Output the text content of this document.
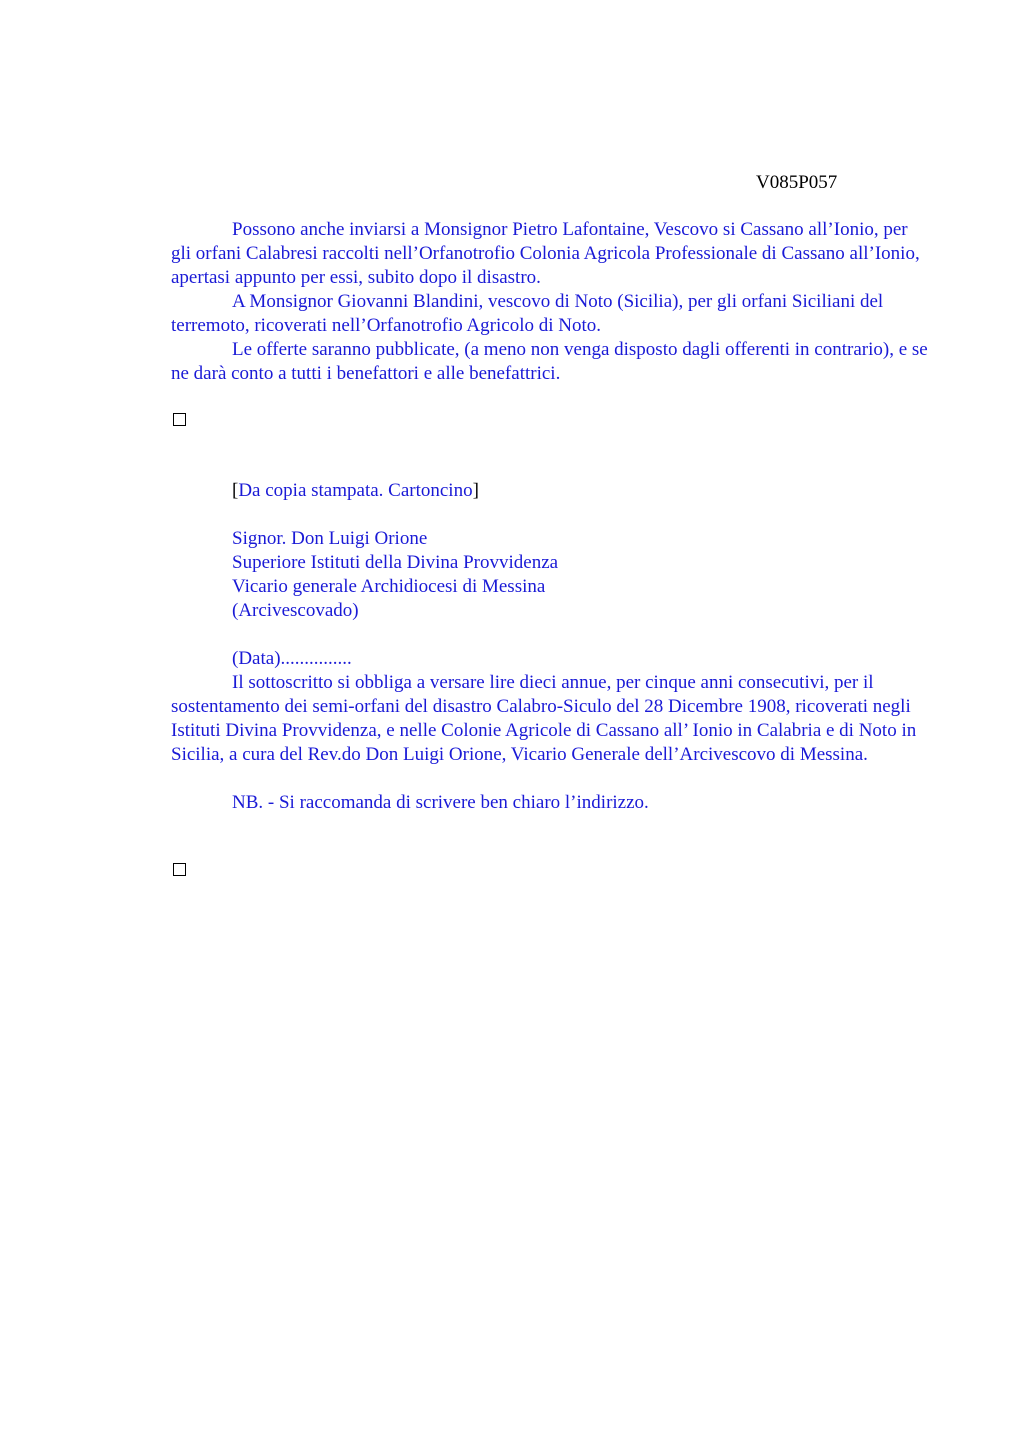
V085P057

Possono anche inviarsi a Monsignor Pietro Lafontaine, Vescovo si Cassano all’Ionio, per gli orfani Calabresi raccolti nell’Orfanotrofio Colonia Agricola Professionale di Cassano all’Ionio, apertasi appunto per essi, subito dopo il disastro.

A Monsignor Giovanni Blandini, vescovo di Noto (Sicilia), per gli orfani Siciliani del terremoto, ricoverati nell’Orfanotrofio Agricolo di Noto.

Le offerte saranno pubblicate, (a meno non venga disposto dagli offerenti in contrario), e se ne darà conto a tutti i benefattori e alle benefattrici.

[Da copia stampata. Cartoncino]

Signor. Don Luigi Orione

Superiore Istituti della Divina Provvidenza

Vicario generale Archidiocesi di Messina

(Arcivescovado)

(Data)...............

Il sottoscritto si obbliga a versare lire dieci annue, per cinque anni consecutivi, per il sostentamento dei semi-orfani del disastro Calabro-Siculo del 28 Dicembre 1908, ricoverati negli Istituti Divina Provvidenza, e nelle Colonie Agricole di Cassano all’ Ionio in Calabria e di Noto in Sicilia, a cura del Rev.do Don Luigi Orione, Vicario Generale dell’Arcivescovo di Messina.

NB. - Si raccomanda di scrivere ben chiaro l’indirizzo.
